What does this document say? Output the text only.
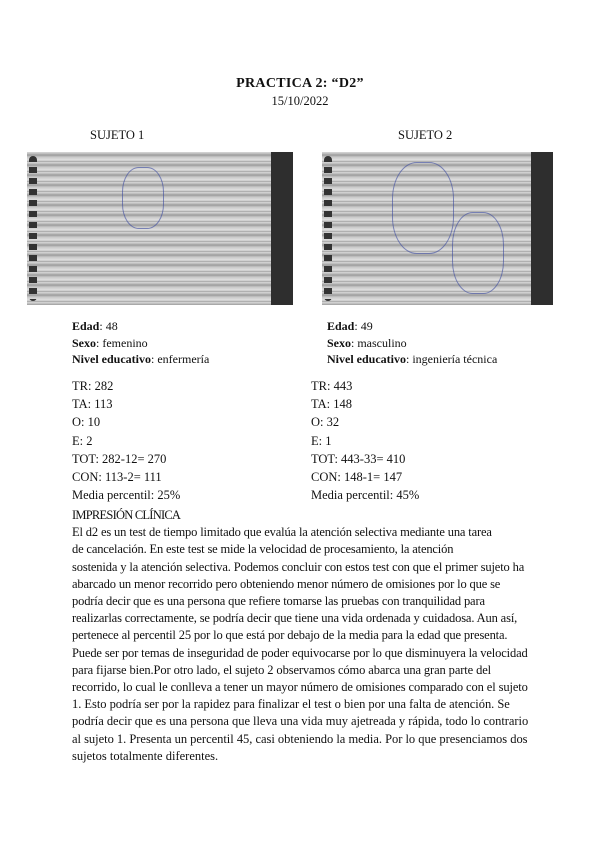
PRACTICA 2: “D2”
15/10/2022
SUJETO 1	SUJETO 2
Edad: 48
Sexo: femenino
Nivel educativo: enfermería
Edad: 49
Sexo: masculino
Nivel educativo: ingeniería técnica
TR: 282
TA: 113
O: 10
E: 2
TOT: 282-12= 270
CON: 113-2= 111
Media percentil: 25%
TR: 443
TA: 148
O: 32
E: 1
TOT: 443-33= 410
CON: 148-1= 147
Media percentil: 45%
IMPRESIÓN CLÍNICA
El d2 es un test de tiempo limitado que evalúa la atención selectiva mediante una tarea
de cancelación. En este test se mide la velocidad de procesamiento, la atención
sostenida y la atención selectiva. Podemos concluir con estos test con que el primer sujeto ha
abarcado un menor recorrido pero obteniendo menor número de omisiones por lo que se
podría decir que es una persona que refiere tomarse las pruebas con tranquilidad para
realizarlas correctamente, se podría decir que tiene una vida ordenada y cuidadosa. Aun así,
pertenece al percentil 25 por lo que está por debajo de la media para la edad que presenta.
Puede ser por temas de inseguridad de poder equivocarse por lo que disminuyera la velocidad
para fijarse bien.Por otro lado, el sujeto 2 observamos cómo abarca una gran parte del
recorrido, lo cual le conlleva a tener un mayor número de omisiones comparado con el sujeto
1. Esto podría ser por la rapidez para finalizar el test o bien por una falta de atención. Se
podría decir que es una persona que lleva una vida muy ajetreada y rápida, todo lo contrario
al sujeto 1. Presenta un percentil 45, casi obteniendo la media. Por lo que presenciamos dos
sujetos totalmente diferentes.
